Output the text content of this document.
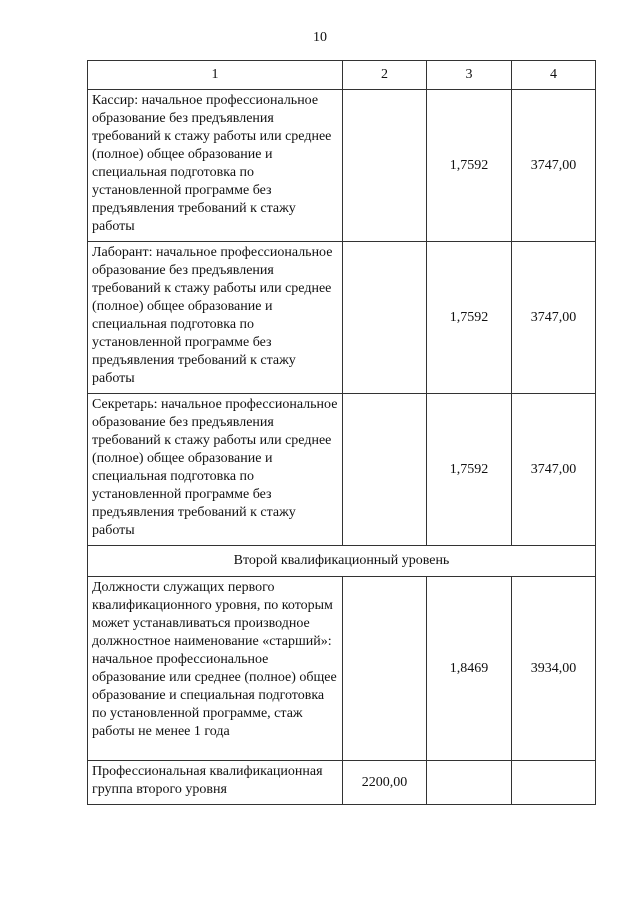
10
1	2	3	4
Кассир: начальное профессиональное образование без предъявления требований к стажу работы или среднее (полное) общее образование и специальная подготовка по установленной программе без предъявления требований к стажу работы		1,7592	3747,00
Лаборант: начальное профессиональное образование без предъявления требований к стажу работы или среднее (полное) общее образование и специальная подготовка по установленной программе без предъявления требований к стажу работы		1,7592	3747,00
Секретарь: начальное профессиональное образование без предъявления требований к стажу работы или среднее (полное) общее образование и специальная подготовка по установленной программе без предъявления требований к стажу работы		1,7592	3747,00
Второй квалификационный уровень			
Должности служащих первого квалификационного уровня, по которым может устанавливаться производное должностное наименование «старший»: начальное профессиональное образование или среднее (полное) общее образование и специальная подготовка по установленной программе, стаж работы не менее 1 года		1,8469	3934,00
Профессиональная квалификационная группа второго уровня	2200,00		
